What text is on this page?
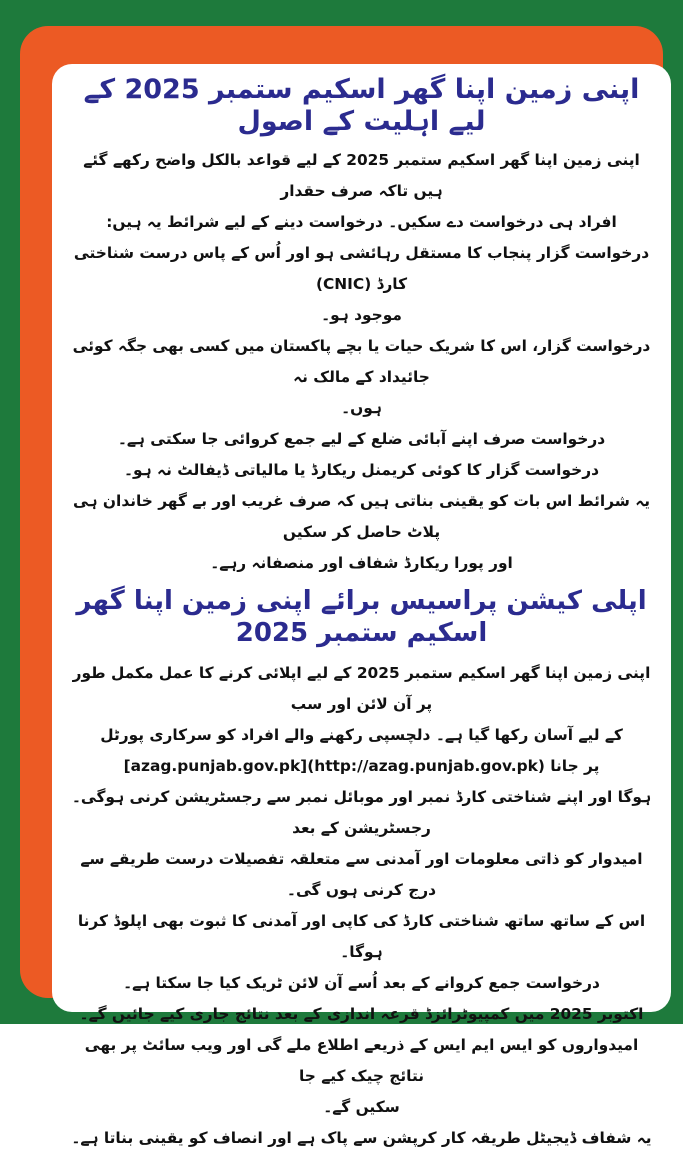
اپنی زمین اپنا گھر اسکیم ستمبر 2025 کے لیے اہلیت کے اصول

اپنی زمین اپنا گھر اسکیم ستمبر 2025 کے لیے قواعد بالکل واضح رکھے گئے ہیں تاکہ صرف حقدار

افراد ہی درخواست دے سکیں۔ درخواست دینے کے لیے شرائط یہ ہیں:

درخواست گزار پنجاب کا مستقل رہائشی ہو اور اُس کے پاس درست شناختی کارڈ (CNIC)

موجود ہو۔

درخواست گزار، اس کا شریک حیات یا بچے پاکستان میں کسی بھی جگہ کوئی جائیداد کے مالک نہ

ہوں۔

درخواست صرف اپنے آبائی ضلع کے لیے جمع کروائی جا سکتی ہے۔

درخواست گزار کا کوئی کریمنل ریکارڈ یا مالیاتی ڈیفالٹ نہ ہو۔

یہ شرائط اس بات کو یقینی بناتی ہیں کہ صرف غریب اور بے گھر خاندان ہی پلاٹ حاصل کر سکیں

اور پورا ریکارڈ شفاف اور منصفانہ رہے۔

اپلی کیشن پراسیس برائے اپنی زمین اپنا گھر اسکیم ستمبر 2025

اپنی زمین اپنا گھر اسکیم ستمبر 2025 کے لیے اپلائی کرنے کا عمل مکمل طور پر آن لائن اور سب

کے لیے آسان رکھا گیا ہے۔ دلچسپی رکھنے والے افراد کو سرکاری پورٹل

[azag.punjab.gov.pk](http://azag.punjab.gov.pk) پر جانا

ہوگا اور اپنے شناختی کارڈ نمبر اور موبائل نمبر سے رجسٹریشن کرنی ہوگی۔ رجسٹریشن کے بعد

امیدوار کو ذاتی معلومات اور آمدنی سے متعلقہ تفصیلات درست طریقے سے درج کرنی ہوں گی۔

اس کے ساتھ ساتھ شناختی کارڈ کی کاپی اور آمدنی کا ثبوت بھی اپلوڈ کرنا ہوگا۔

درخواست جمع کروانے کے بعد اُسے آن لائن ٹریک کیا جا سکتا ہے۔

اکتوبر 2025 میں کمپیوٹرائزڈ قرعہ اندازی کے بعد نتائج جاری کیے جائیں گے۔

امیدواروں کو ایس ایم ایس کے ذریعے اطلاع ملے گی اور ویب سائٹ پر بھی نتائج چیک کیے جا

سکیں گے۔

یہ شفاف ڈیجیٹل طریقہ کار کرپشن سے پاک ہے اور انصاف کو یقینی بناتا ہے۔
